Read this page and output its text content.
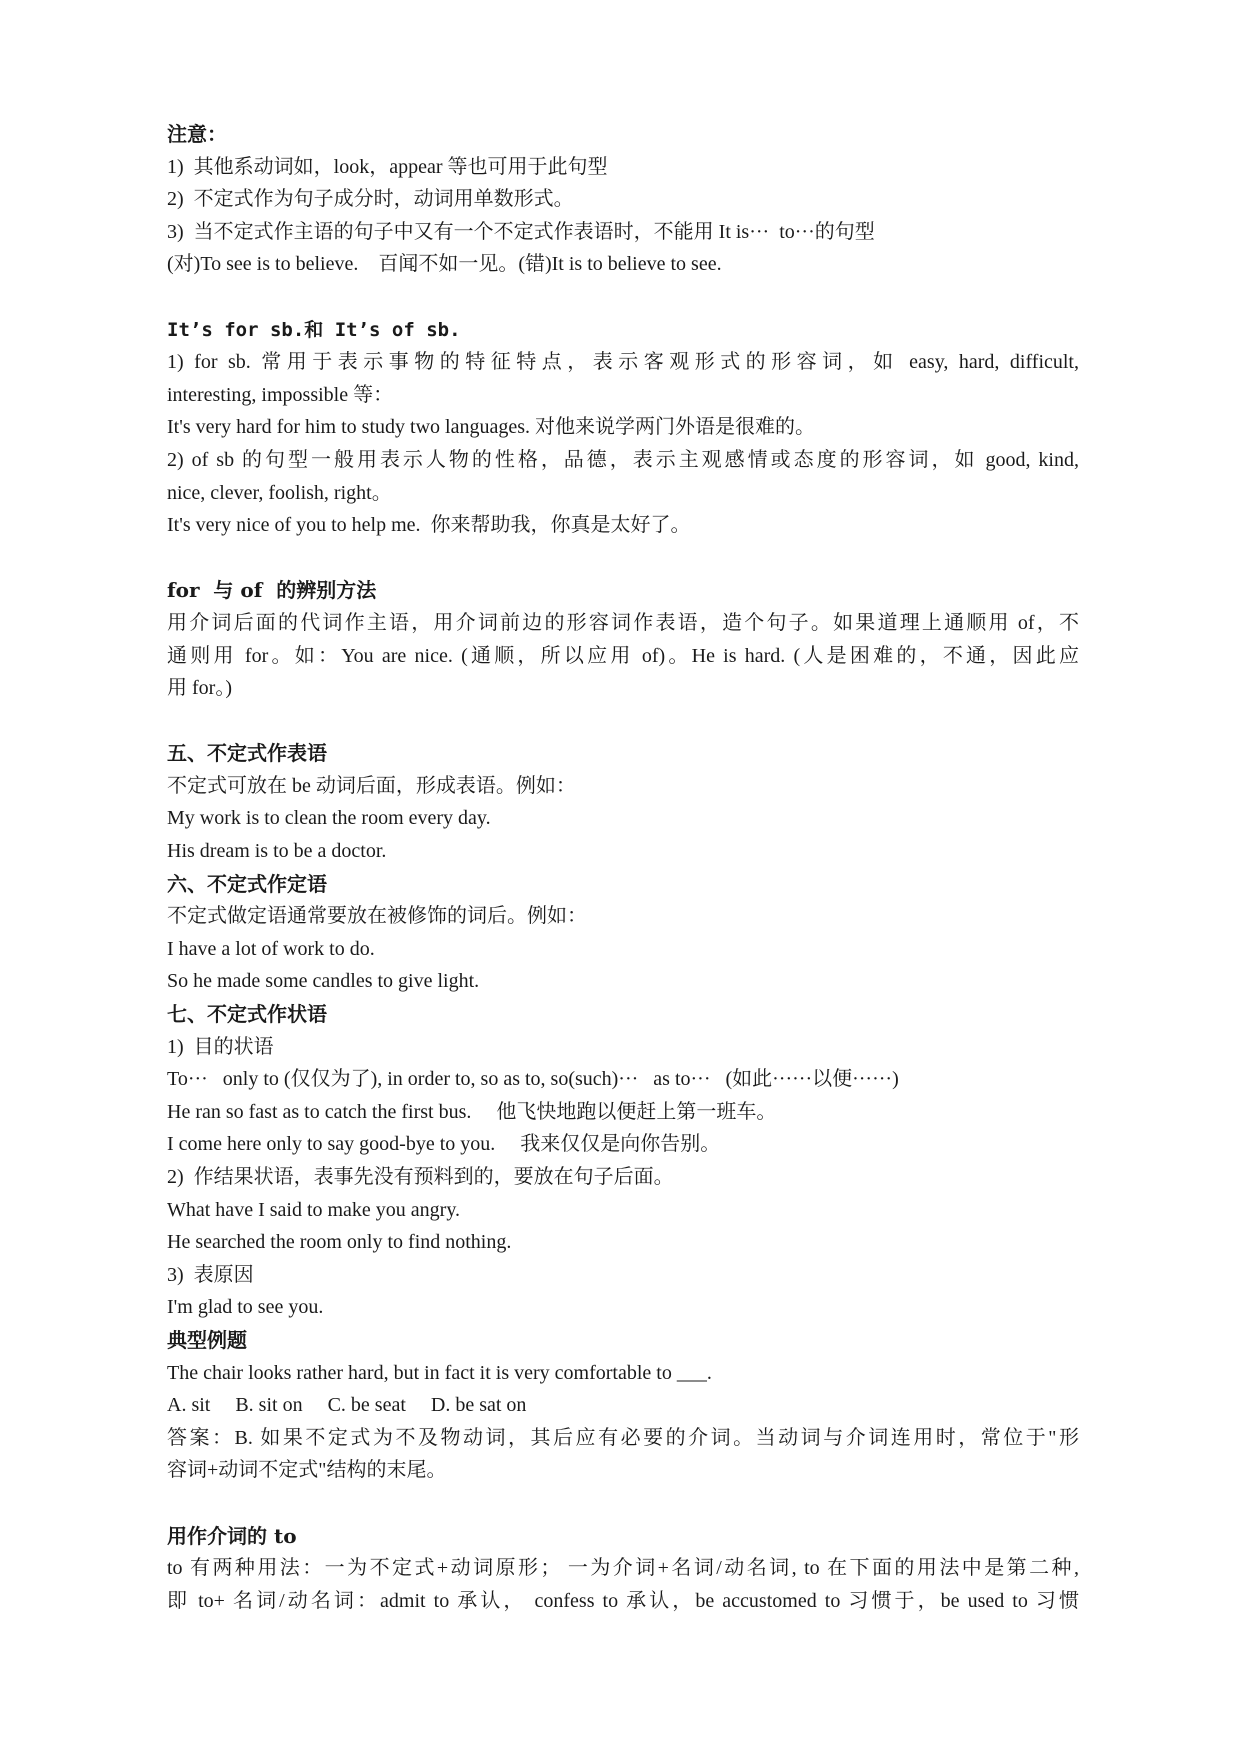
注意：
1)  其他系动词如，look，appear 等也可用于此句型
2)  不定式作为句子成分时，动词用单数形式。
3)  当不定式作主语的句子中又有一个不定式作表语时，不能用 It is···  to···的句型
(对)To see is to believe.    百闻不如一见。(错)It is to believe to see.
It’s for sb.和 It’s of sb.
1) for sb. 常用于表示事物的特征特点，表示客观形式的形容词，如 easy, hard, difficult,
interesting, impossible 等：
It's very hard for him to study two languages. 对他来说学两门外语是很难的。
2) of sb 的句型一般用表示人物的性格，品德，表示主观感情或态度的形容词，如 good, kind,
nice, clever, foolish, right。
It's very nice of you to help me.  你来帮助我，你真是太好了。
for  与 of  的辨别方法
用介词后面的代词作主语，用介词前边的形容词作表语，造个句子。如果道理上通顺用 of，不
通则用 for。如：You are nice. (通顺，所以应用 of)。He is hard. (人是困难的，不通，因此应
用 for。)
五、不定式作表语
不定式可放在 be 动词后面，形成表语。例如：
My work is to clean the room every day.
His dream is to be a doctor.
六、不定式作定语
不定式做定语通常要放在被修饰的词后。例如：
I have a lot of work to do.
So he made some candles to give light.
七、不定式作状语
1)  目的状语
To···   only to (仅仅为了), in order to, so as to, so(such)···   as to···   (如此······以便······)
He ran so fast as to catch the first bus.     他飞快地跑以便赶上第一班车。
I come here only to say good-bye to you.     我来仅仅是向你告别。
2)  作结果状语，表事先没有预料到的，要放在句子后面。
What have I said to make you angry.
He searched the room only to find nothing.
3)  表原因
I'm glad to see you.
典型例题
The chair looks rather hard, but in fact it is very comfortable to ___.
A. sit     B. sit on     C. be seat     D. be sat on
答案：B. 如果不定式为不及物动词，其后应有必要的介词。当动词与介词连用时，常位于"形
容词+动词不定式"结构的末尾。
用作介词的 to
to 有两种用法：一为不定式+动词原形； 一为介词+名词/动名词, to 在下面的用法中是第二种,
即 to+ 名词/动名词：admit to 承认， confess to 承认，be accustomed to 习惯于，be used to 习惯
